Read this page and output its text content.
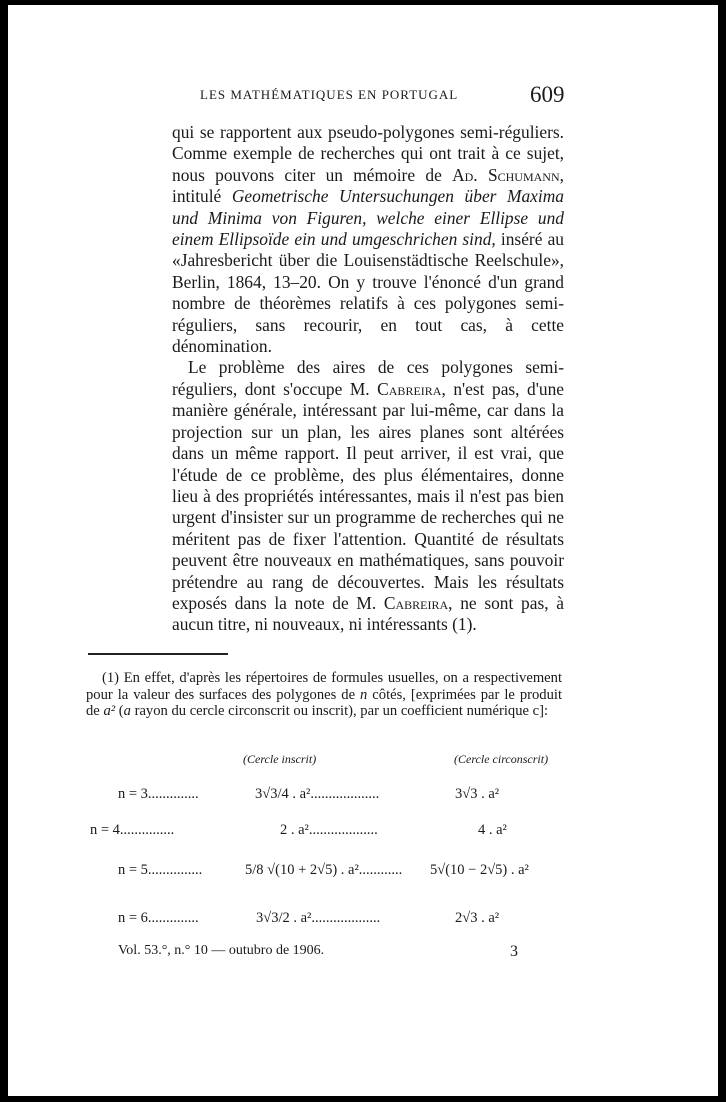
LES MATHÉMATIQUES EN PORTUGAL	609

qui se rapportent aux pseudo-polygones semi-réguliers. Comme exemple de recherches qui ont trait à ce sujet, nous pouvons citer un mémoire de Ad. Schumann, intitulé Geometrische Untersuchungen über Maxima und Minima von Figuren, welche einer Ellipse und einem Ellipsoïde ein und umgeschrichen sind, inséré au «Jahresbericht über die Louisenstädtische Reelschule», Berlin, 1864, 13–20. On y trouve l'énoncé d'un grand nombre de théorèmes relatifs à ces polygones semi-réguliers, sans recourir, en tout cas, à cette dénomination.

Le problème des aires de ces polygones semi-réguliers, dont s'occupe M. Cabreira, n'est pas, d'une manière générale, intéressant par lui-même, car dans la projection sur un plan, les aires planes sont altérées dans un même rapport. Il peut arriver, il est vrai, que l'étude de ce problème, des plus élémentaires, donne lieu à des propriétés intéressantes, mais il n'est pas bien urgent d'insister sur un programme de recherches qui ne méritent pas de fixer l'attention. Quantité de résultats peuvent être nouveaux en mathématiques, sans pouvoir prétendre au rang de découvertes. Mais les résultats exposés dans la note de M. Cabreira, ne sont pas, à aucun titre, ni nouveaux, ni intéressants (1).

(1) En effet, d'après les répertoires de formules usuelles, on a respectivement pour la valeur des surfaces des polygones de n côtés, [exprimées par le produit de a² (a rayon du cercle circonscrit ou inscrit), par un coefficient numérique c]:

(Cercle inscrit)	(Cercle circonscrit)
n = 3..............	3√3/4 . a²...................	3√3 . a²
n = 4...............	2 . a²...................	4 . a²
n = 5...............	5/8 √(10 + 2√5) . a²............ 5√(10 − 2√5) . a²
n = 6..............	3√3/2 . a²...................	2√3 . a²
Vol. 53.°, n.° 10 — outubro de 1906.	3
